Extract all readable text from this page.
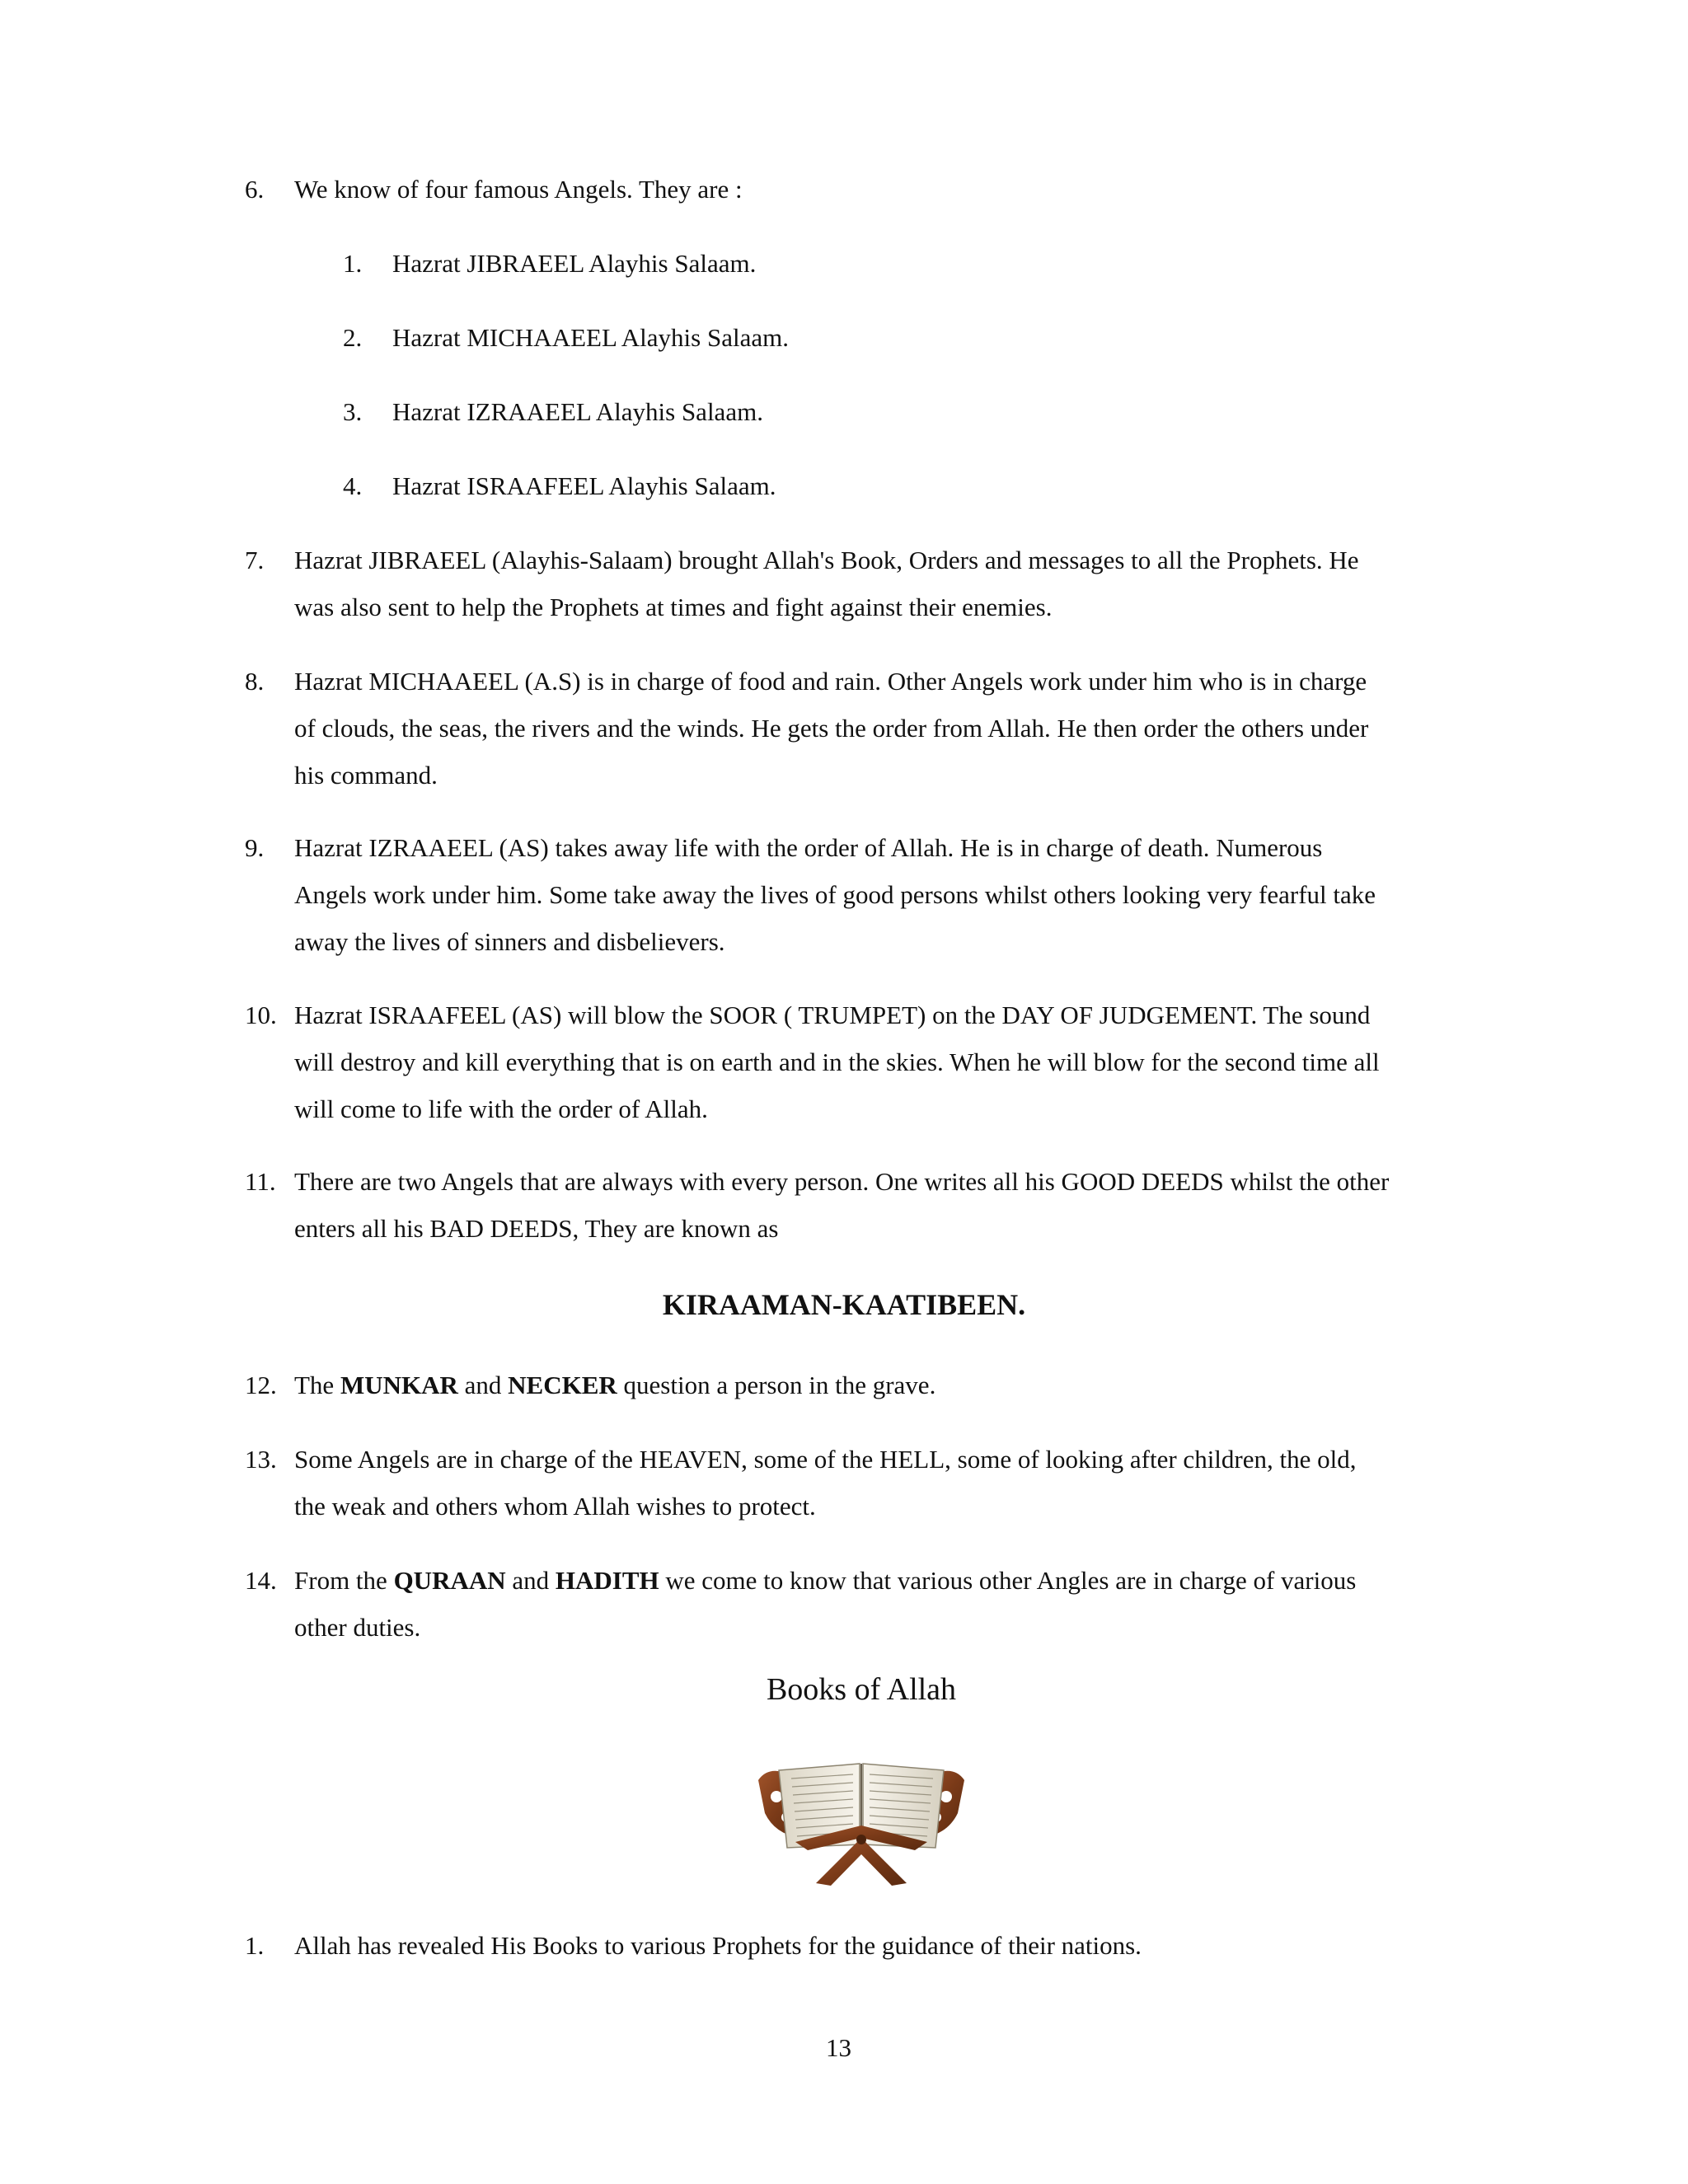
6. We know of four famous Angels. They are :
1. Hazrat JIBRAEEL Alayhis Salaam.
2. Hazrat MICHAAEEL Alayhis Salaam.
3. Hazrat IZRAAEEL Alayhis Salaam.
4. Hazrat ISRAAFEEL Alayhis Salaam.
7. Hazrat JIBRAEEL (Alayhis-Salaam) brought Allah's Book, Orders and messages to all the Prophets. He
was also sent to help the Prophets at times and fight against their enemies.
8. Hazrat MICHAAEEL (A.S) is in charge of food and rain. Other Angels work under him who is in charge
of clouds, the seas, the rivers and the winds. He gets the order from Allah. He then order the others under
his command.
9. Hazrat IZRAAEEL (AS) takes away life with the order of Allah. He is in charge of death. Numerous
Angels work under him. Some take away the lives of good persons whilst others looking very fearful take
away the lives of sinners and disbelievers.
10. Hazrat ISRAAFEEL (AS) will blow the SOOR ( TRUMPET) on the DAY OF JUDGEMENT. The sound
will destroy and kill everything that is on earth and in the skies. When he will blow for the second time all
will come to life with the order of Allah.
11. There are two Angels that are always with every person. One writes all his GOOD DEEDS whilst the other
enters all his BAD DEEDS, They are known as
KIRAAMAN-KAATIBEEN.
12. The MUNKAR and NECKER question a person in the grave.
13. Some Angels are in charge of the HEAVEN, some of the HELL, some of looking after children, the old,
the weak and others whom Allah wishes to protect.
14. From the QURAAN and HADITH we come to know that various other Angles are in charge of various
other duties.
Books of Allah
1. Allah has revealed His Books to various Prophets for the guidance of their nations.
13
